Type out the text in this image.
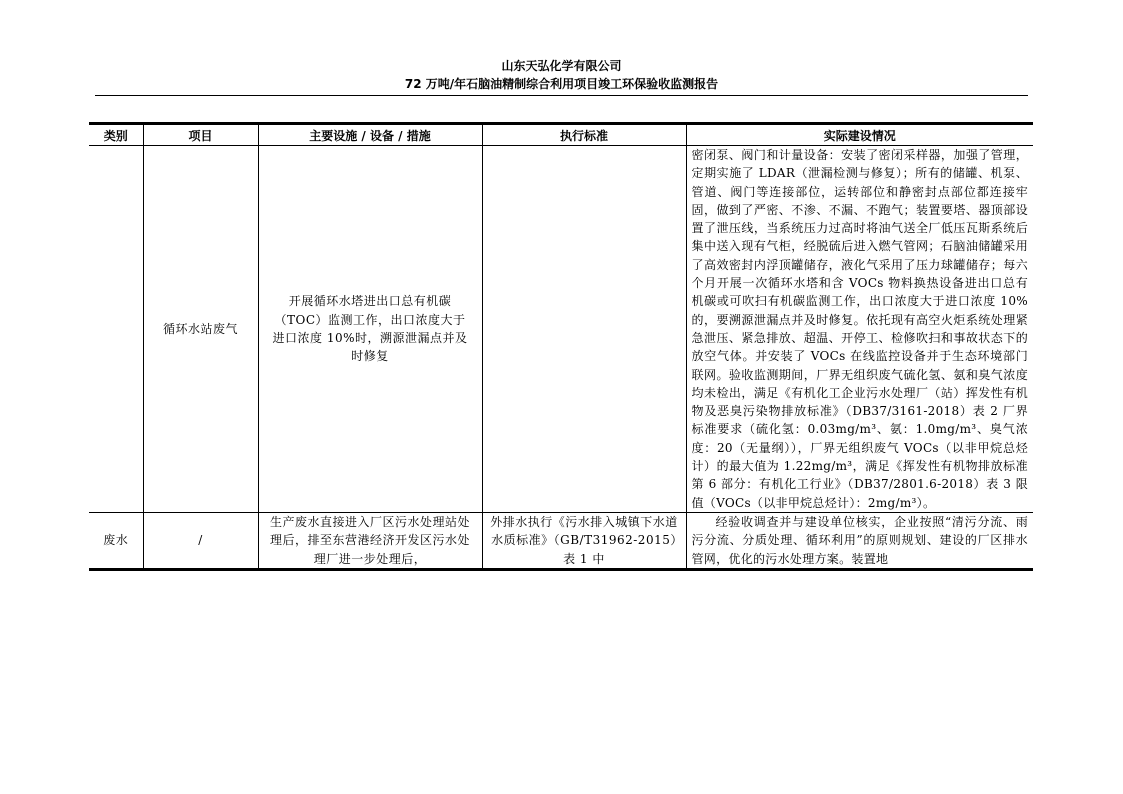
山东天弘化学有限公司
72 万吨/年石脑油精制综合利用项目竣工环保验收监测报告
类别	项目	主要设施 / 设备 / 措施	执行标准	实际建设情况
	循环水站废气	开展循环水塔进出口总有机碳（TOC）监测工作，出口浓度大于进口浓度 10%时，溯源泄漏点并及时修复		密闭泵、阀门和计量设备：安装了密闭采样器，加强了管理，定期实施了 LDAR（泄漏检测与修复）；所有的储罐、机泵、管道、阀门等连接部位，运转部位和静密封点部位都连接牢固，做到了严密、不渗、不漏、不跑气；装置要塔、器顶部设置了泄压线，当系统压力过高时将油气送全厂低压瓦斯系统后集中送入现有气柜，经脱硫后进入燃气管网；石脑油储罐采用了高效密封内浮顶罐储存，液化气采用了压力球罐储存；每六个月开展一次循环水塔和含 VOCs 物料换热设备进出口总有机碳或可吹扫有机碳监测工作，出口浓度大于进口浓度 10%的，要溯源泄漏点并及时修复。依托现有高空火炬系统处理紧急泄压、紧急排放、超温、开停工、检修吹扫和事故状态下的放空气体。并安装了 VOCs 在线监控设备并于生态环境部门联网。验收监测期间，厂界无组织废气硫化氢、氨和臭气浓度均未检出，满足《有机化工企业污水处理厂（站）挥发性有机物及恶臭污染物排放标准》（DB37/3161-2018）表 2 厂界标准要求（硫化氢：0.03mg/m³、氨：1.0mg/m³、臭气浓度：20（无量纲）），厂界无组织废气 VOCs（以非甲烷总烃计）的最大值为 1.22mg/m³，满足《挥发性有机物排放标准第 6 部分：有机化工行业》（DB37/2801.6-2018）表 3 限值（VOCs（以非甲烷总烃计）：2mg/m³）。
废水	/	生产废水直接进入厂区污水处理站处理后，排至东营港经济开发区污水处理厂进一步处理后，	外排水执行《污水排入城镇下水道水质标准》（GB/T31962-2015）表 1 中	经验收调查并与建设单位核实，企业按照“清污分流、雨污分流、分质处理、循环利用”的原则规划、建设的厂区排水管网，优化的污水处理方案。装置地
